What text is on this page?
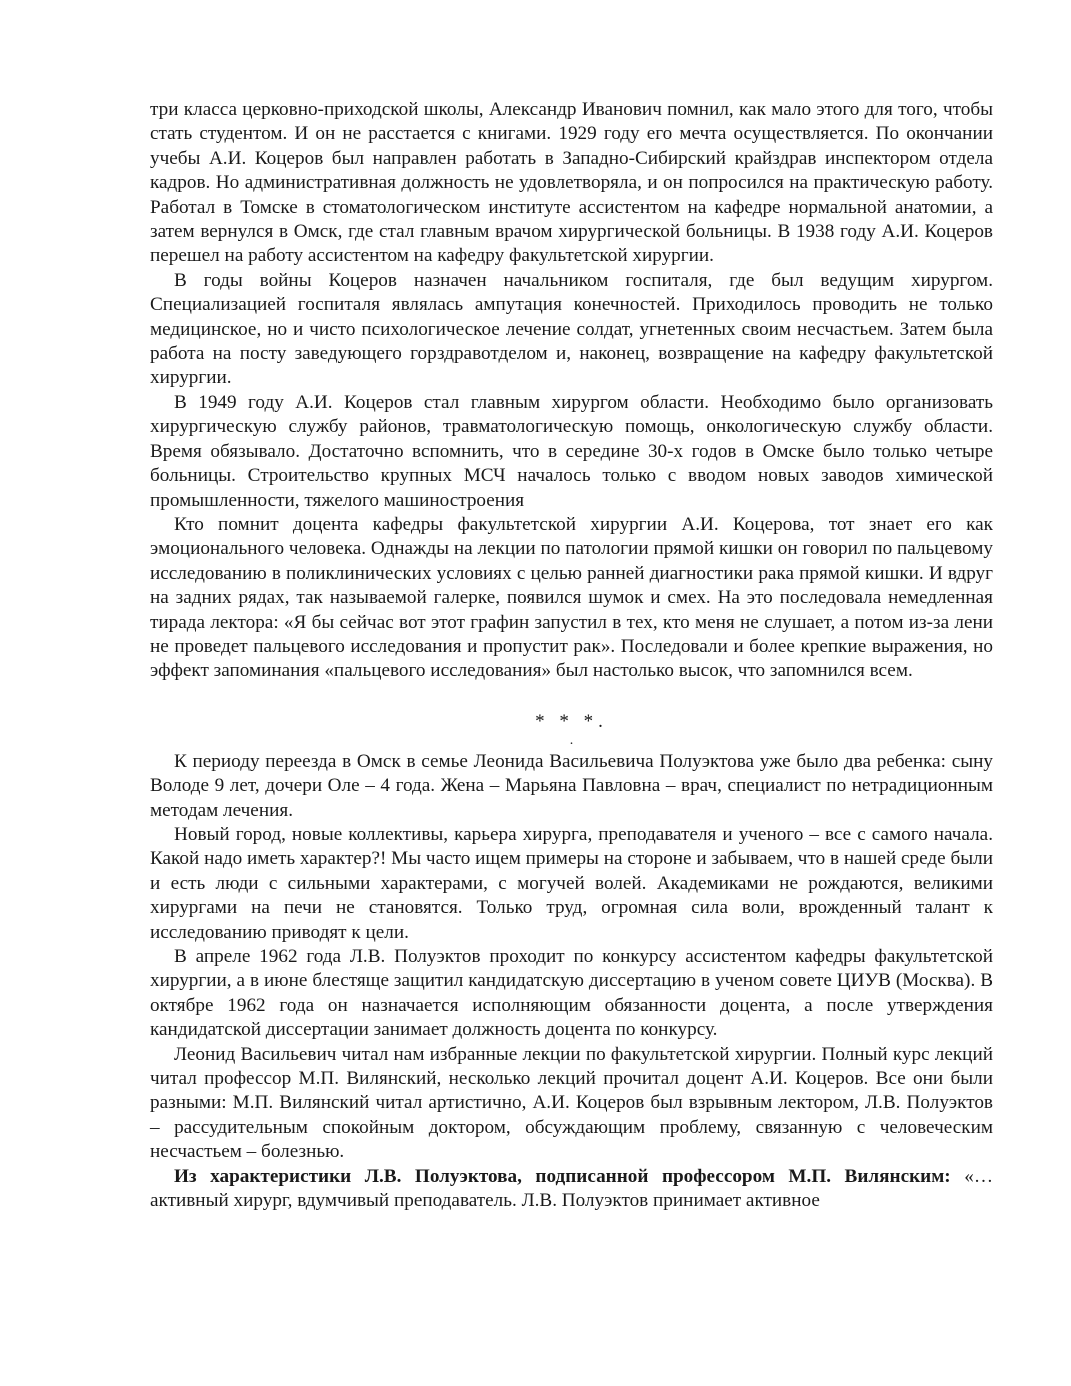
три класса церковно-приходской школы, Александр Иванович помнил, как мало этого для того, чтобы стать студентом. И он не расстается с книгами. 1929 году его мечта осуществляется. По окончании учебы А.И. Коцеров был направлен работать в Западно-Сибирский крайздрав инспектором отдела кадров. Но административная должность не удовлетворяла, и он попросился на практическую работу. Работал в Томске в стоматологическом институте ассистентом на кафедре нормальной анатомии, а затем вернулся в Омск, где стал главным врачом хирургической больницы. В 1938 году А.И. Коцеров перешел на работу ассистентом на кафедру факультетской хирургии.

В годы войны Коцеров назначен начальником госпиталя, где был ведущим хирургом. Специализацией госпиталя являлась ампутация конечностей. Приходилось проводить не только медицинское, но и чисто психологическое лечение солдат, угнетенных своим несчастьем. Затем была работа на посту заведующего горздравотделом и, наконец, возвращение на кафедру факультетской хирургии.

В 1949 году А.И. Коцеров стал главным хирургом области. Необходимо было организовать хирургическую службу районов, травматологическую помощь, онкологическую службу области. Время обязывало. Достаточно вспомнить, что в середине 30-х годов в Омске было только четыре больницы. Строительство крупных МСЧ началось только с вводом новых заводов химической промышленности, тяжелого машиностроения

Кто помнит доцента кафедры факультетской хирургии А.И. Коцерова, тот знает его как эмоционального человека. Однажды на лекции по патологии прямой кишки он говорил по пальцевому исследованию в поликлинических условиях с целью ранней диагностики рака прямой кишки. И вдруг на задних рядах, так называемой галерке, появился шумок и смех. На это последовала немедленная тирада лектора: «Я бы сейчас вот этот графин запустил в тех, кто меня не слушает, а потом из-за лени не проведет пальцевого исследования и пропустит рак». Последовали и более крепкие выражения, но эффект запоминания «пальцевого исследования» был настолько высок, что запомнился всем.

* * *.
.

К периоду переезда в Омск в семье Леонида Васильевича Полуэктова уже было два ребенка: сыну Володе 9 лет, дочери Оле – 4 года. Жена – Марьяна Павловна – врач, специалист по нетрадиционным методам лечения.

Новый город, новые коллективы, карьера хирурга, преподавателя и ученого – все с самого начала. Какой надо иметь характер?! Мы часто ищем примеры на стороне и забываем, что в нашей среде были и есть люди с сильными характерами, с могучей волей. Академиками не рождаются, великими хирургами на печи не становятся. Только труд, огромная сила воли, врожденный талант к исследованию приводят к цели.

В апреле 1962 года Л.В. Полуэктов проходит по конкурсу ассистентом кафедры факультетской хирургии, а в июне блестяще защитил кандидатскую диссертацию в ученом совете ЦИУВ (Москва). В октябре 1962 года он назначается исполняющим обязанности доцента, а после утверждения кандидатской диссертации занимает должность доцента по конкурсу.

Леонид Васильевич читал нам избранные лекции по факультетской хирургии. Полный курс лекций читал профессор М.П. Вилянский, несколько лекций прочитал доцент А.И. Коцеров. Все они были разными: М.П. Вилянский читал артистично, А.И. Коцеров был взрывным лектором, Л.В. Полуэктов – рассудительным спокойным доктором, обсуждающим проблему, связанную с человеческим несчастьем – болезнью.

Из характеристики Л.В. Полуэктова, подписанной профессором М.П. Вилянским: «… активный хирург, вдумчивый преподаватель. Л.В. Полуэктов принимает активное
